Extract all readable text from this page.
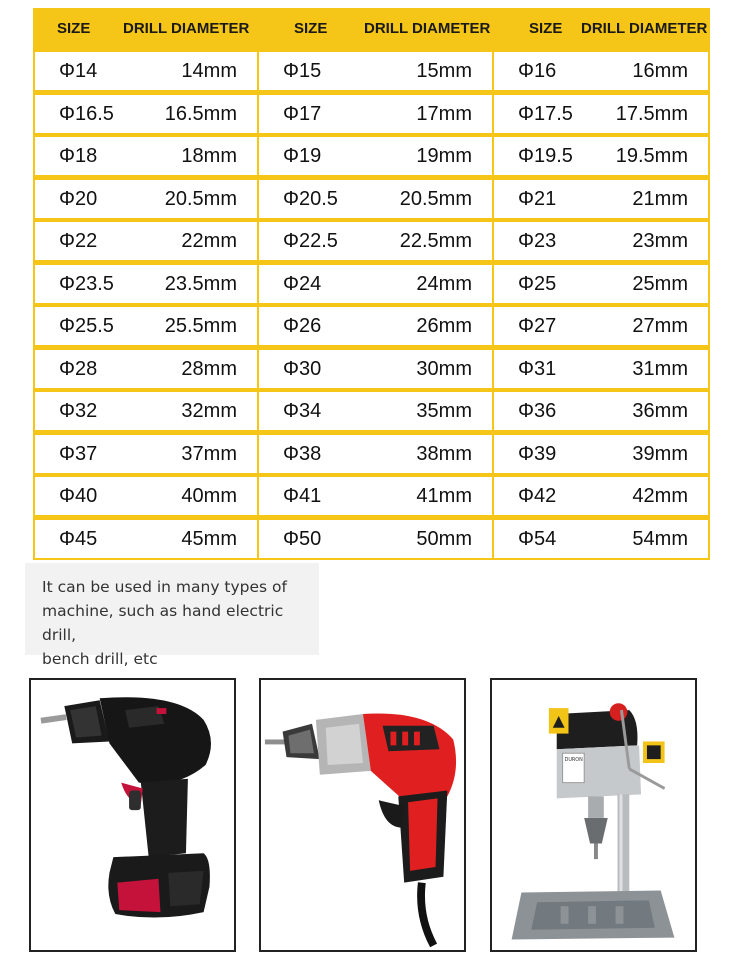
SIZE DRILL DIAMETER	SIZE DRILL DIAMETER	SIZE DRILL DIAMETER
Φ14	14mm Φ15	15mm Φ16	16mm
Φ16.5	16.5mm Φ17	17mm Φ17.5 17.5mm
Φ18	18mm Φ19	19mm Φ19.5 19.5mm
Φ20	20.5mm Φ20.5	20.5mm Φ21	21mm
Φ22	22mm Φ22.5	22.5mm Φ23	23mm
Φ23.5	23.5mm Φ24	24mm Φ25	25mm
Φ25.5	25.5mm Φ26	26mm Φ27	27mm
Φ28	28mm Φ30	30mm Φ31	31mm
Φ32	32mm Φ34	35mm Φ36	36mm
Φ37	37mm Φ38	38mm Φ39	39mm
Φ40	40mm Φ41	41mm Φ42	42mm
Φ45	45mm Φ50	50mm Φ54	54mm
It can be used in many types of
machine, such as hand electric drill,
bench drill, etc
DURON
